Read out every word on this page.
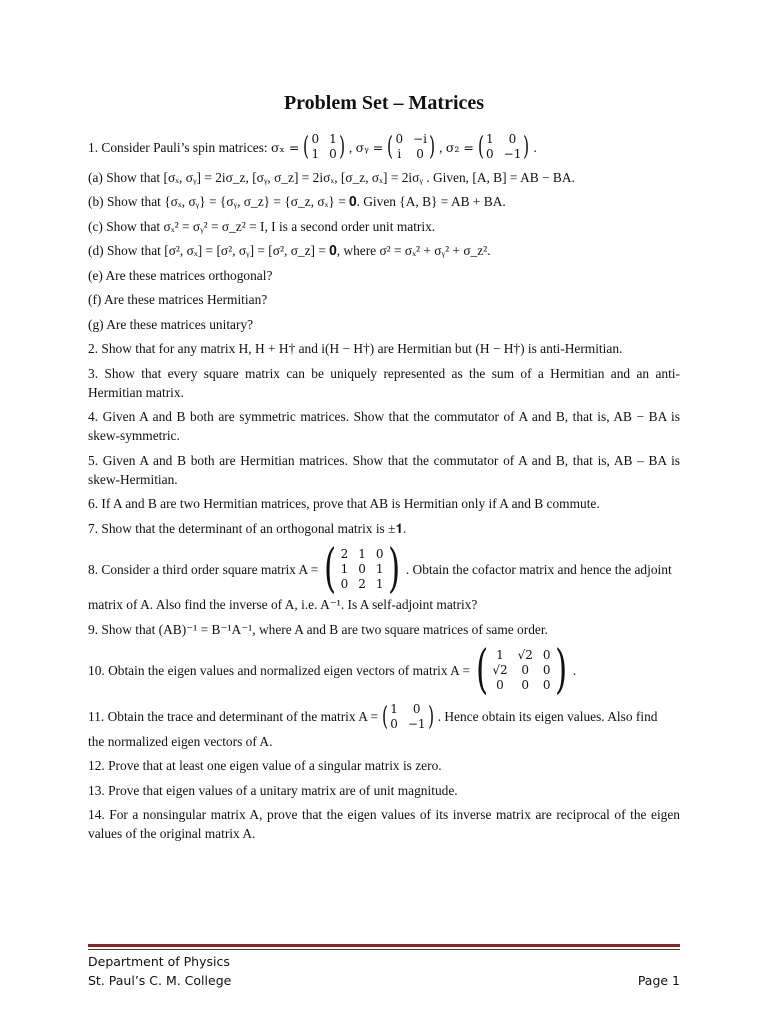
Problem Set – Matrices
1. Consider Pauli’s spin matrices:
σₓ = ( 0 1
1 0 ) , σᵧ = ( 0 −i
i 0 ) , σ₂ = ( 1	0
0 −1 ) .
(a) Show that [σₓ, σᵧ] = 2iσ_z, [σᵧ, σ_z] = 2iσₓ, [σ_z, σₓ] = 2iσᵧ . Given, [A, B] = AB − BA.
(b) Show that {σₓ, σᵧ} = {σᵧ, σ_z} = {σ_z, σₓ} = 𝟎. Given {A, B} = AB + BA.
(c) Show that σₓ² = σᵧ² = σ_z² = I, I is a second order unit matrix.
(d) Show that [σ², σₓ] = [σ², σᵧ] = [σ², σ_z] = 𝟎, where σ² = σₓ² + σᵧ² + σ_z².
(e) Are these matrices orthogonal?
(f) Are these matrices Hermitian?
(g) Are these matrices unitary?
2. Show that for any matrix H, H + H† and i(H − H†) are Hermitian but (H − H†) is anti-Hermitian.
3. Show that every square matrix can be uniquely represented as the sum of a Hermitian and an anti-Hermitian matrix.
4. Given A and B both are symmetric matrices. Show that the commutator of A and B, that is, AB − BA is skew-symmetric.
5. Given A and B both are Hermitian matrices. Show that the commutator of A and B, that is, AB – BA is skew-Hermitian.
6. If A and B are two Hermitian matrices, prove that AB is Hermitian only if A and B commute.
7. Show that the determinant of an orthogonal matrix is ±𝟏.
8. Consider a third order square matrix A = ( 2 1 0
1 0 1
0 2 1 ) . Obtain the cofactor matrix and hence the adjoint
matrix of A. Also find the inverse of A, i.e. A⁻¹. Is A self-adjoint matrix?
9. Show that (AB)⁻¹ = B⁻¹A⁻¹, where A and B are two square matrices of same order.
10. Obtain the eigen values and normalized eigen vectors of matrix A = ( 1	√2 0
√2	0	0
0	0	0 ) .
11. Obtain the trace and determinant of the matrix A = ( 1	0
0 −1 ) . Hence obtain its eigen values. Also find
the normalized eigen vectors of A.
12. Prove that at least one eigen value of a singular matrix is zero.
13. Prove that eigen values of a unitary matrix are of unit magnitude.
14. For a nonsingular matrix A, prove that the eigen values of its inverse matrix are reciprocal of the eigen values of the original matrix A.
Department of Physics
St. Paul’s C. M. College	Page 1
